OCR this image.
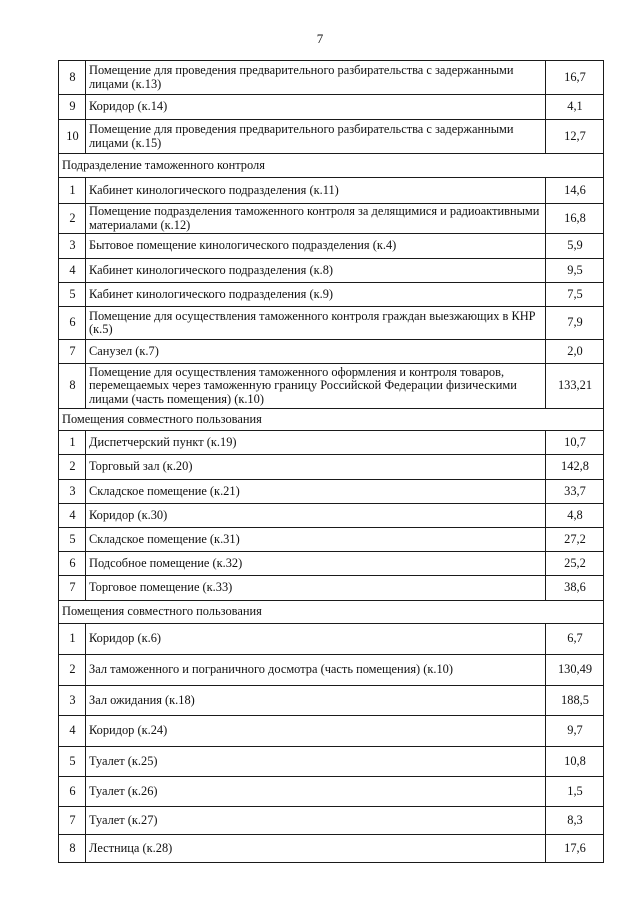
7
8	Помещение для проведения предварительного разбирательства с задержанными лицами (к.13)	16,7
9	Коридор (к.14)	4,1
10	Помещение для проведения предварительного разбирательства с задержанными лицами (к.15)	12,7
Подразделение таможенного контроля		
1	Кабинет кинологического подразделения (к.11)	14,6
2	Помещение подразделения таможенного контроля за делящимися и радиоактивными материалами (к.12)	16,8
3	Бытовое помещение кинологического подразделения (к.4)	5,9
4	Кабинет кинологического подразделения (к.8)	9,5
5	Кабинет кинологического подразделения (к.9)	7,5
6	Помещение для осуществления таможенного контроля граждан выезжающих в КНР (к.5)	7,9
7	Санузел (к.7)	2,0
8	Помещение для осуществления таможенного оформления и контроля товаров, перемещаемых через таможенную границу Российской Федерации физическими лицами (часть помещения) (к.10)	133,21
Помещения совместного пользования		
1	Диспетчерский пункт (к.19)	10,7
2	Торговый зал (к.20)	142,8
3	Складское помещение (к.21)	33,7
4	Коридор (к.30)	4,8
5	Складское помещение (к.31)	27,2
6	Подсобное помещение (к.32)	25,2
7	Торговое помещение (к.33)	38,6
Помещения совместного пользования		
1	Коридор (к.6)	6,7
2	Зал таможенного и пограничного досмотра (часть помещения) (к.10)	130,49
3	Зал ожидания (к.18)	188,5
4	Коридор (к.24)	9,7
5	Туалет (к.25)	10,8
6	Туалет (к.26)	1,5
7	Туалет (к.27)	8,3
8	Лестница (к.28)	17,6
